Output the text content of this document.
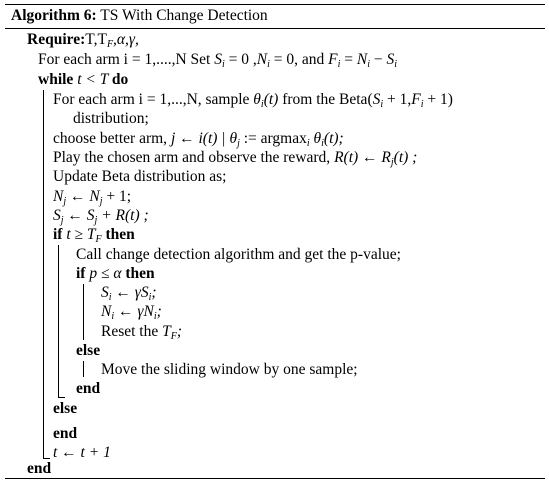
Algorithm 6: TS With Change Detection
$Require:T,T_F,\alpha,\gamma$,
For each arm i = 1,....,N Set $S_i = 0$ $,N_i = 0$, and $F_i = N_i - S_i$
while t < T do
For each arm i = 1,...,N, sample $\theta_i(t)$ from the $Beta(S_i + 1,F_i + 1)$
distribution;
choose better arm, j ← i(t) | $\theta_j$ := argmax$_i$ $\theta_i(t)$;
Play the chosen arm and observe the reward, R(t) ← $R_j(t)$ ;
Update Beta distribution as;
$N_j$ ← $N_j + 1$;
$S_j$ ← $S_j + R(t)$ ;
if $t \ge T_F$ then
Call change detection algorithm and get the p-value;
if p ≤ α then
$S_i$ ← $\gamma S_i$;
$N_i$ ← $\gamma N_i$;
Reset the $T_F$;
else
Move the sliding window by one sample;
end
else
end
t ← t + 1
end
